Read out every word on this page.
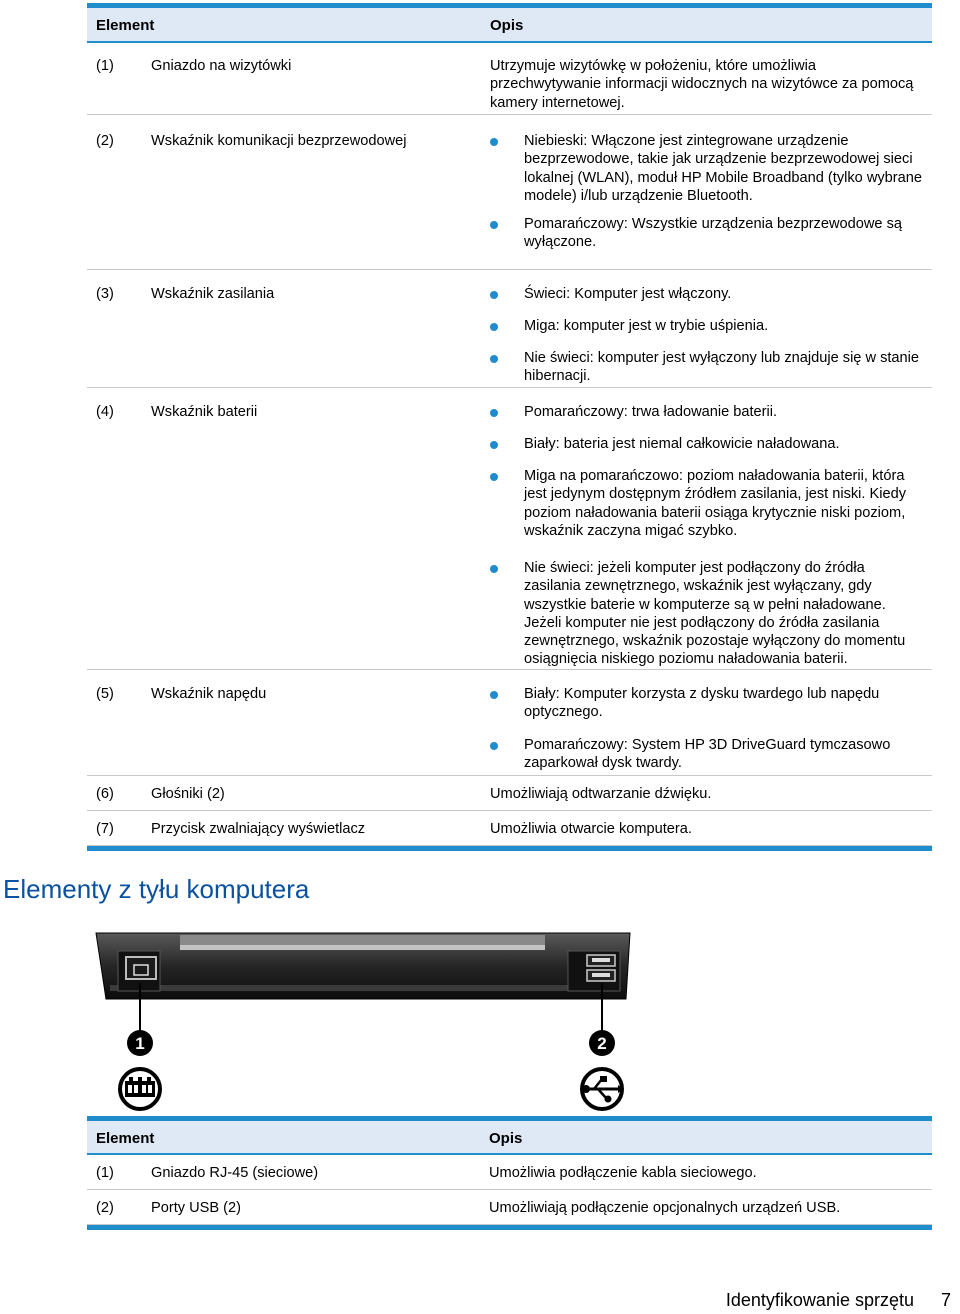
Element	Opis
(1)	Gniazdo na wizytówki	Utrzymuje wizytówkę w położeniu, które umożliwia
przechwytywanie informacji widocznych na wizytówce za pomocą
kamery internetowej.
(2)	Wskaźnik komunikacji bezprzewodowej	Niebieski: Włączone jest zintegrowane urządzenie
bezprzewodowe, takie jak urządzenie bezprzewodowej sieci
lokalnej (WLAN), moduł HP Mobile Broadband (tylko wybrane
modele) i/lub urządzenie Bluetooth.
Pomarańczowy: Wszystkie urządzenia bezprzewodowe są
wyłączone.
(3)	Wskaźnik zasilania	Świeci: Komputer jest włączony.
Miga: komputer jest w trybie uśpienia.
Nie świeci: komputer jest wyłączony lub znajduje się w stanie
hibernacji.
(4)	Wskaźnik baterii	Pomarańczowy: trwa ładowanie baterii.
Biały: bateria jest niemal całkowicie naładowana.
Miga na pomarańczowo: poziom naładowania baterii, która
jest jedynym dostępnym źródłem zasilania, jest niski. Kiedy
poziom naładowania baterii osiąga krytycznie niski poziom,
wskaźnik zaczyna migać szybko.
Nie świeci: jeżeli komputer jest podłączony do źródła
zasilania zewnętrznego, wskaźnik jest wyłączany, gdy
wszystkie baterie w komputerze są w pełni naładowane.
Jeżeli komputer nie jest podłączony do źródła zasilania
zewnętrznego, wskaźnik pozostaje wyłączony do momentu
osiągnięcia niskiego poziomu naładowania baterii.
(5)	Wskaźnik napędu	Biały: Komputer korzysta z dysku twardego lub napędu
optycznego.
Pomarańczowy: System HP 3D DriveGuard tymczasowo
zaparkował dysk twardy.
(6)	Głośniki (2)	Umożliwiają odtwarzanie dźwięku.
(7)	Przycisk zwalniający wyświetlacz	Umożliwia otwarcie komputera.
Elementy z tyłu komputera
1	2
Element	Opis
(1)	Gniazdo RJ-45 (sieciowe)	Umożliwia podłączenie kabla sieciowego.
(2)	Porty USB (2)	Umożliwiają podłączenie opcjonalnych urządzeń USB.
Identyfikowanie sprzętu 7
